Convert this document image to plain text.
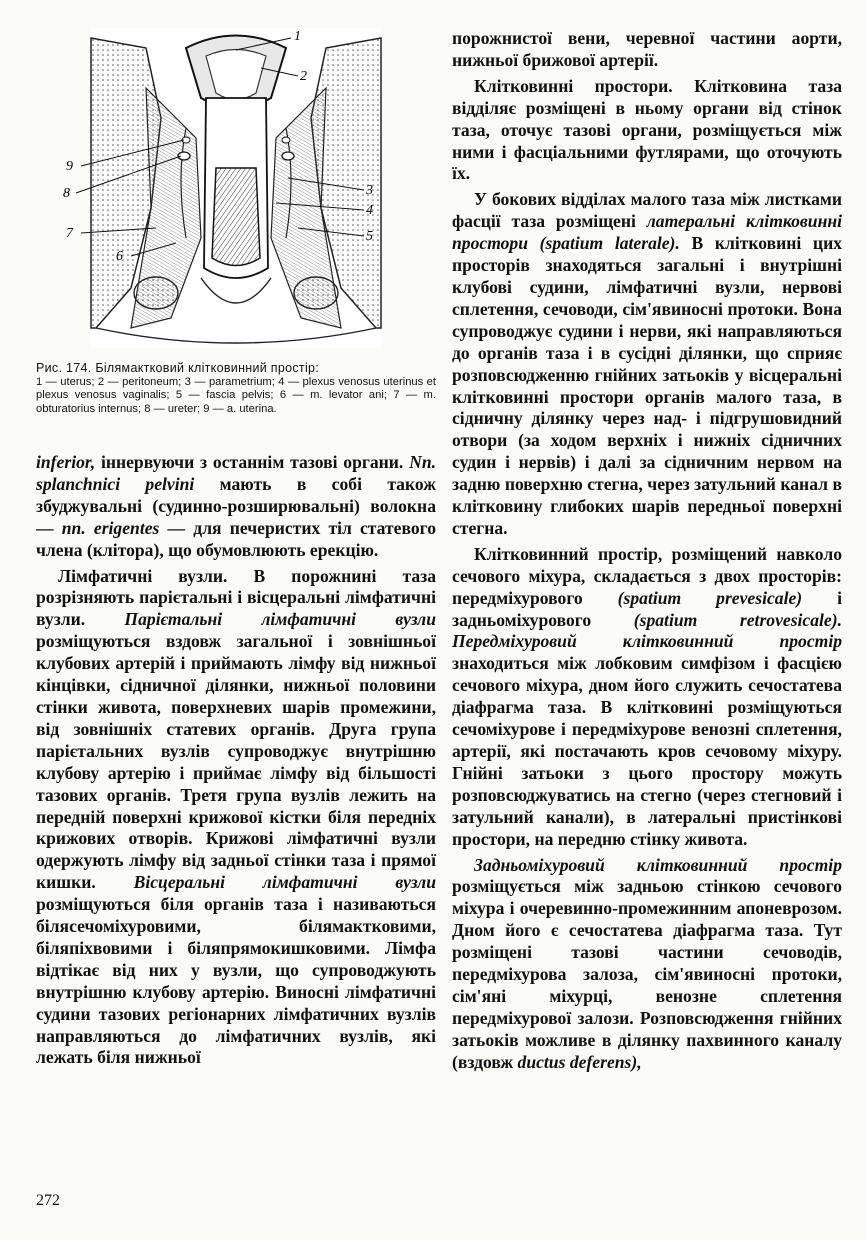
1
2
3
4
5
6
7
8
9
Рис. 174. Білямактковий клітковинний простір:
1 — uterus; 2 — peritoneum; 3 — parametrium; 4 — plexus venosus uterinus et plexus venosus vaginalis; 5 — fascia pelvis; 6 — m. levator ani; 7 — m. obturatorius internus; 8 — ureter; 9 — a. uterina.

inferior, іннервуючи з останнім тазові органи. Nn. splanchnici pelvini мають в собі також збуджувальні (судинно-розширювальні) волокна — nn. erigentes — для печеристих тіл статевого члена (клітора), що обумовлюють ерекцію.

Лімфатичні вузли. В порожнині таза розрізняють парієтальні і вісцеральні лімфатичні вузли. Парієтальні лімфатичні вузли розміщуються вздовж загальної і зовнішньої клубових артерій і приймають лімфу від нижньої кінцівки, сідничної ділянки, нижньої половини стінки живота, поверхневих шарів промежини, від зовнішніх статевих органів. Друга група парієтальних вузлів супроводжує внутрішню клубову артерію і приймає лімфу від більшості тазових органів. Третя група вузлів лежить на передній поверхні крижової кістки біля передніх крижових отворів. Крижові лімфатичні вузли одержують лімфу від задньої стінки таза і прямої кишки. Вісцеральні лімфатичні вузли розміщуються біля органів таза і називаються білясечоміхуровими, білямактковими, біляпіхвовими і біляпрямокишковими. Лімфа відтікає від них у вузли, що супроводжують внутрішню клубову артерію. Виносні лімфатичні судини тазових регіонарних лімфатичних вузлів направляються до лімфатичних вузлів, які лежать біля нижньої

порожнистої вени, черевної частини аорти, нижньої брижової артерії.

Клітковинні простори. Клітковина таза відділяє розміщені в ньому органи від стінок таза, оточує тазові органи, розміщується між ними і фасціальними футлярами, що оточують їх.

У бокових відділах малого таза між листками фасції таза розміщені латеральні клітковинні простори (spatium laterale). В клітковині цих просторів знаходяться загальні і внутрішні клубові судини, лімфатичні вузли, нервові сплетення, сечоводи, сім'явиносні протоки. Вона супроводжує судини і нерви, які направляються до органів таза і в сусідні ділянки, що сприяє розповсюдженню гнійних затьоків у вісцеральні клітковинні простори органів малого таза, в сідничну ділянку через над- і підгрушовидний отвори (за ходом верхніх і нижніх сідничних судин і нервів) і далі за сідничним нервом на задню поверхню стегна, через затульний канал в клітковину глибоких шарів передньої поверхні стегна.

Клітковинний простір, розміщений навколо сечового міхура, складається з двох просторів: передміхурового (spatium prevesicale) і задньоміхурового (spatium retrovesicale). Передміхуровий клітковинний простір знаходиться між лобковим симфізом і фасцією сечового міхура, дном його служить сечостатева діафрагма таза. В клітковині розміщуються сечоміхурове і передміхурове венозні сплетення, артерії, які постачають кров сечовому міхуру. Гнійні затьоки з цього простору можуть розповсюджуватись на стегно (через стегновий і затульний канали), в латеральні пристінкові простори, на передню стінку живота.

Задньоміхуровий клітковинний простір розміщується між задньою стінкою сечового міхура і очеревинно-промежинним апоневрозом. Дном його є сечостатева діафрагма таза. Тут розміщені тазові частини сечоводів, передміхурова залоза, сім'явиносні протоки, сім'яні міхурці, венозне сплетення передміхурової залози. Розповсюдження гнійних затьоків можливе в ділянку пахвинного каналу (вздовж ductus deferens),

272
